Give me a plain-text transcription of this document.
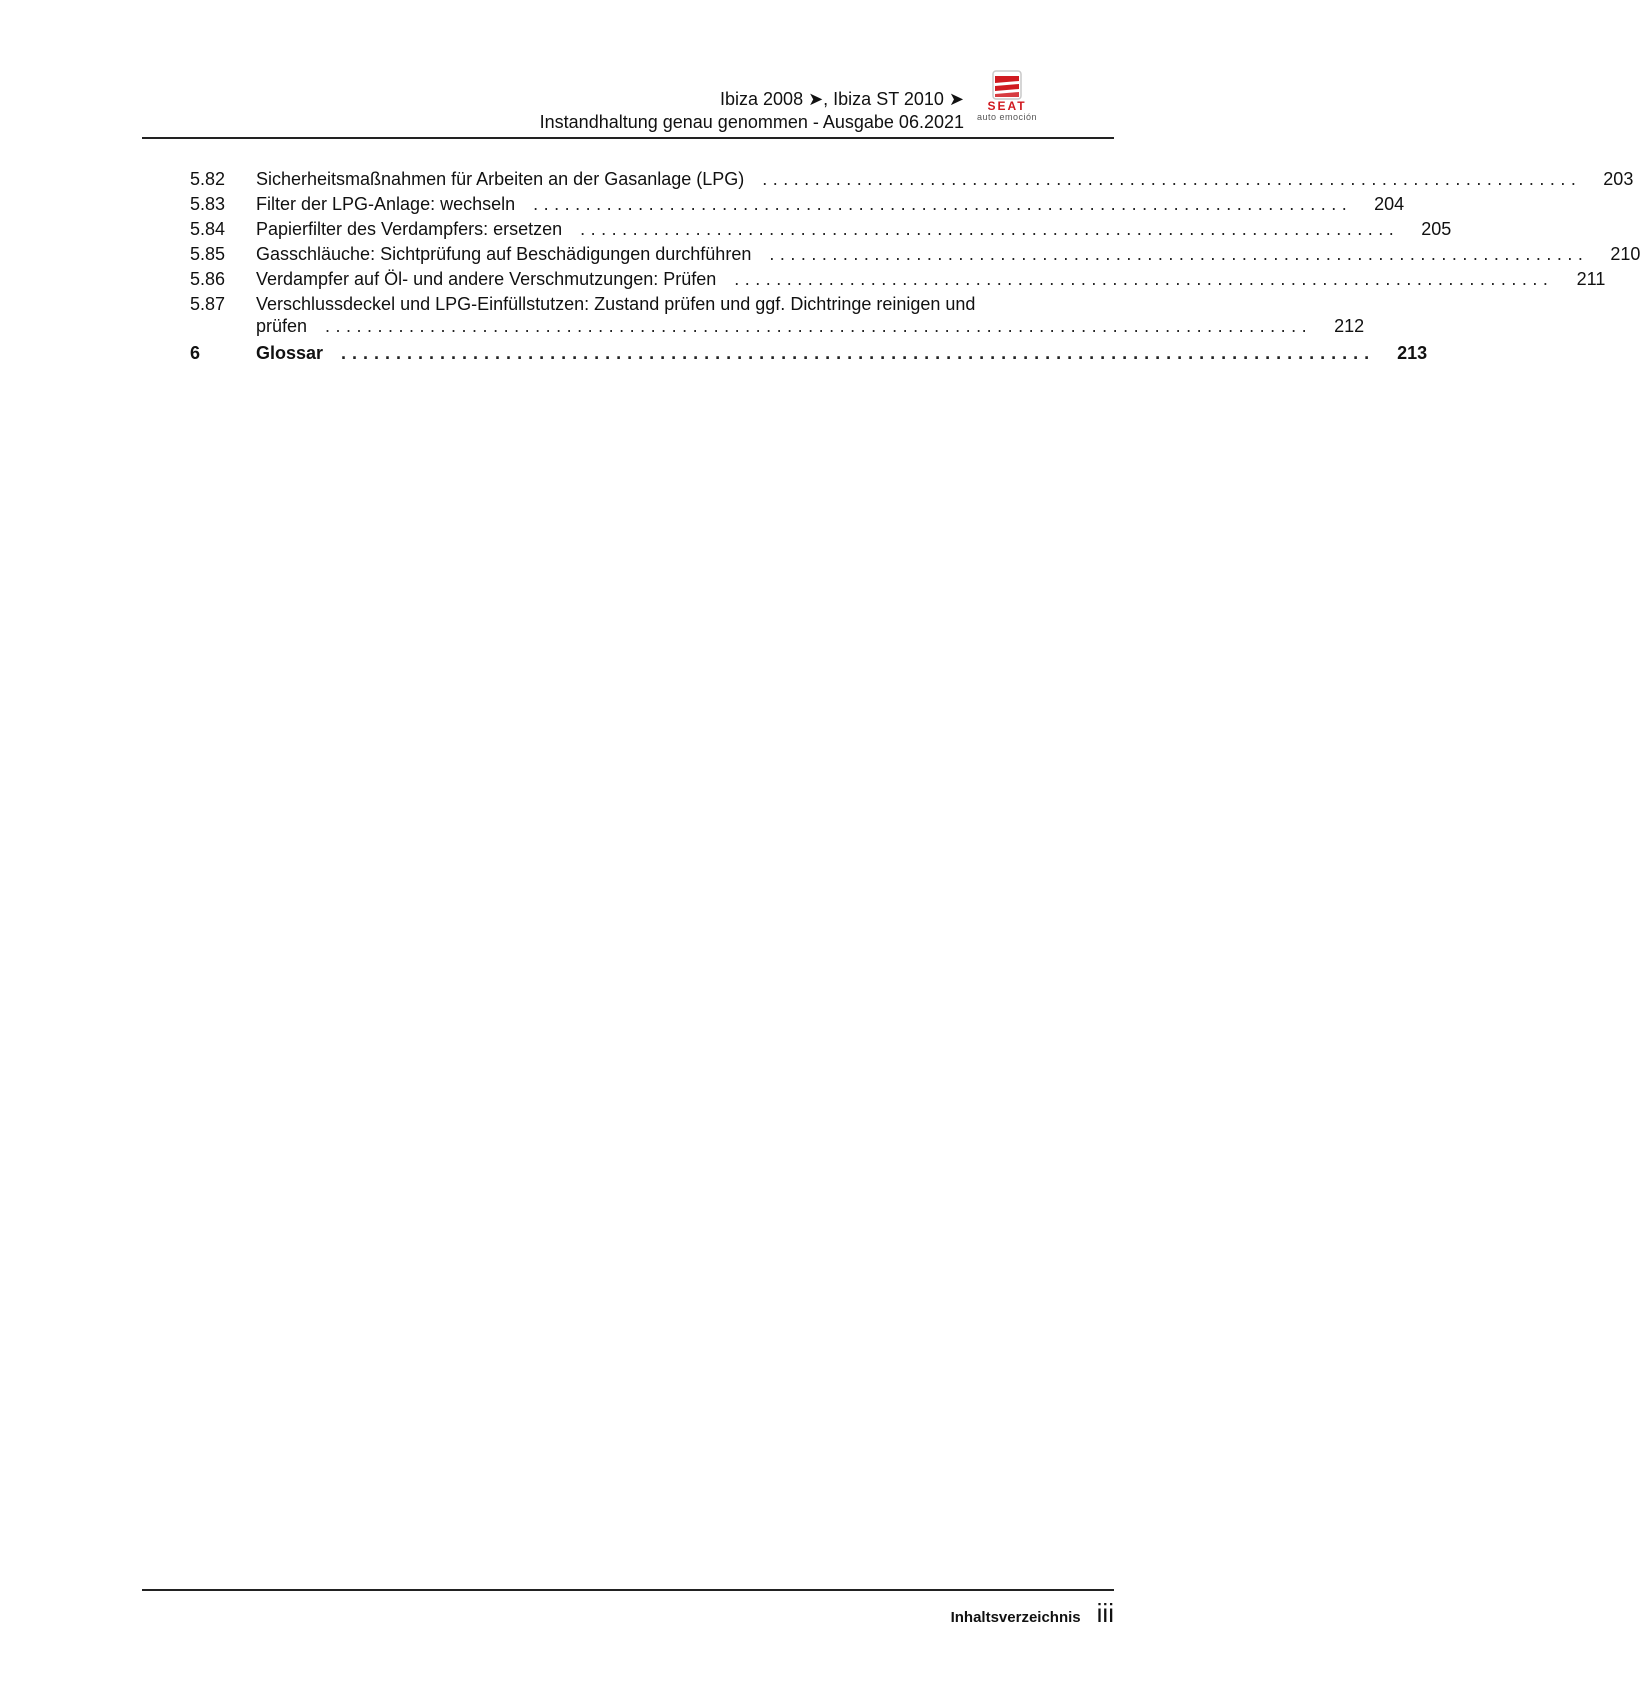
Ibiza 2008 ➤, Ibiza ST 2010 ➤
Instandhaltung genau genommen - Ausgabe 06.2021
SEAT
auto emoción
5.82	Sicherheitsmaßnahmen für Arbeiten an der Gasanlage (LPG) ..............................................................................	203
5.83	Filter der LPG-Anlage: wechseln ..............................................................................	204
5.84	Papierfilter des Verdampfers: ersetzen ..............................................................................	205
5.85	Gasschläuche: Sichtprüfung auf Beschädigungen durchführen ..............................................................................	210
5.86	Verdampfer auf Öl- und andere Verschmutzungen: Prüfen ..............................................................................	211
5.87	Verschlussdeckel und LPG-Einfüllstutzen: Zustand prüfen und ggf. Dichtringe reinigen und
prüfen ..............................................................................................	212
6	Glossar ..............................................................................................	213
Inhaltsverzeichnis iii
